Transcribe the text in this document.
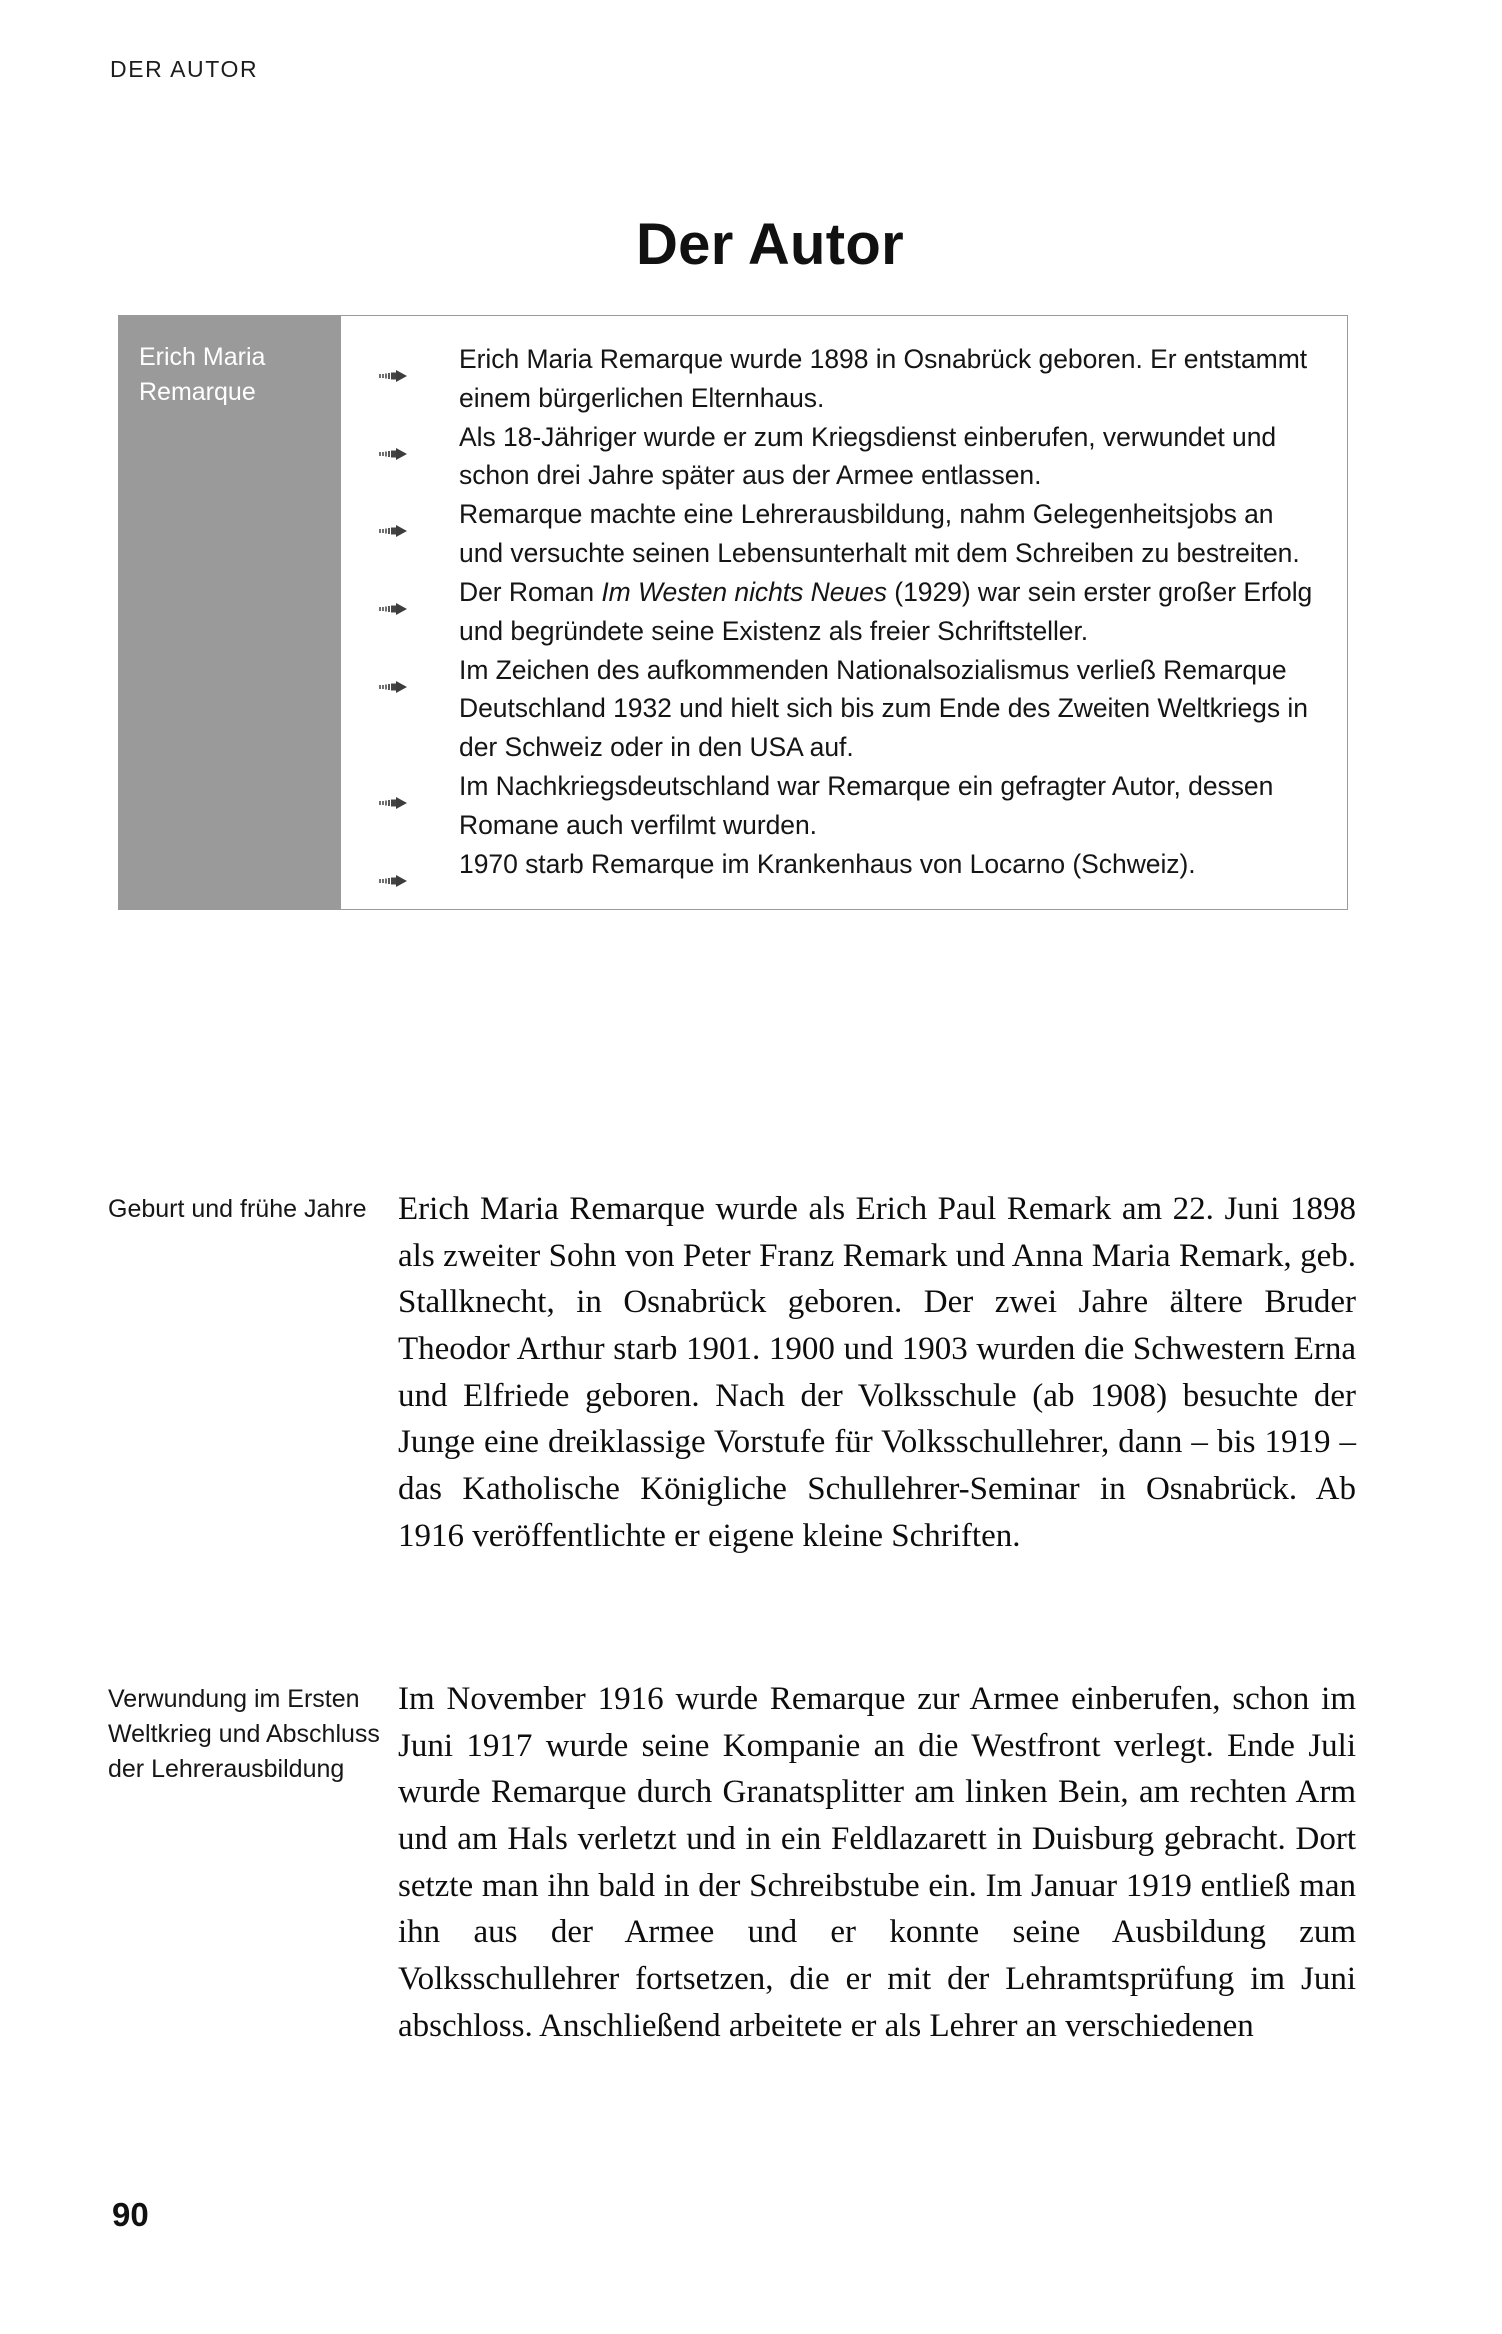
DER AUTOR
Der Autor
Erich Maria
Remarque
Erich Maria Remarque wurde 1898 in Osnabrück geboren. Er entstammt einem bürgerlichen Elternhaus.
Als 18-Jähriger wurde er zum Kriegsdienst einberufen, verwundet und schon drei Jahre später aus der Armee entlassen.
Remarque machte eine Lehrerausbildung, nahm Gelegenheitsjobs an und versuchte seinen Lebensunterhalt mit dem Schreiben zu bestreiten.
Der Roman Im Westen nichts Neues (1929) war sein erster großer Erfolg und begründete seine Existenz als freier Schriftsteller.
Im Zeichen des aufkommenden Nationalsozialismus verließ Remarque Deutschland 1932 und hielt sich bis zum Ende des Zweiten Weltkriegs in der Schweiz oder in den USA auf.
Im Nachkriegsdeutschland war Remarque ein gefragter Autor, dessen Romane auch verfilmt wurden.
1970 starb Remarque im Krankenhaus von Locarno (Schweiz).
Geburt und frühe Jahre Erich Maria Remarque wurde als Erich Paul Remark am 22. Juni 1898 als zweiter Sohn von Peter Franz Remark und Anna Maria Remark, geb. Stallknecht, in Osnabrück geboren. Der zwei Jahre ältere Bruder Theodor Arthur starb 1901. 1900 und 1903 wurden die Schwestern Erna und Elfriede geboren. Nach der Volksschule (ab 1908) besuchte der Junge eine dreiklassige Vorstufe für Volksschullehrer, dann – bis 1919 – das Katholische Königliche Schullehrer-Seminar in Osnabrück. Ab 1916 veröffentlichte er eigene kleine Schriften.

Verwundung im Ersten Weltkrieg und Abschluss der Lehrerausbildung

Im November 1916 wurde Remarque zur Armee einberufen, schon im Juni 1917 wurde seine Kompanie an die Westfront verlegt. Ende Juli wurde Remarque durch Granatsplitter am linken Bein, am rechten Arm und am Hals verletzt und in ein Feldlazarett in Duisburg gebracht. Dort setzte man ihn bald in der Schreibstube ein. Im Januar 1919 entließ man ihn aus der Armee und er konnte seine Ausbildung zum Volksschullehrer fortsetzen, die er mit der Lehramtsprüfung im Juni abschloss. Anschließend arbeitete er als Lehrer an verschiedenen

90
